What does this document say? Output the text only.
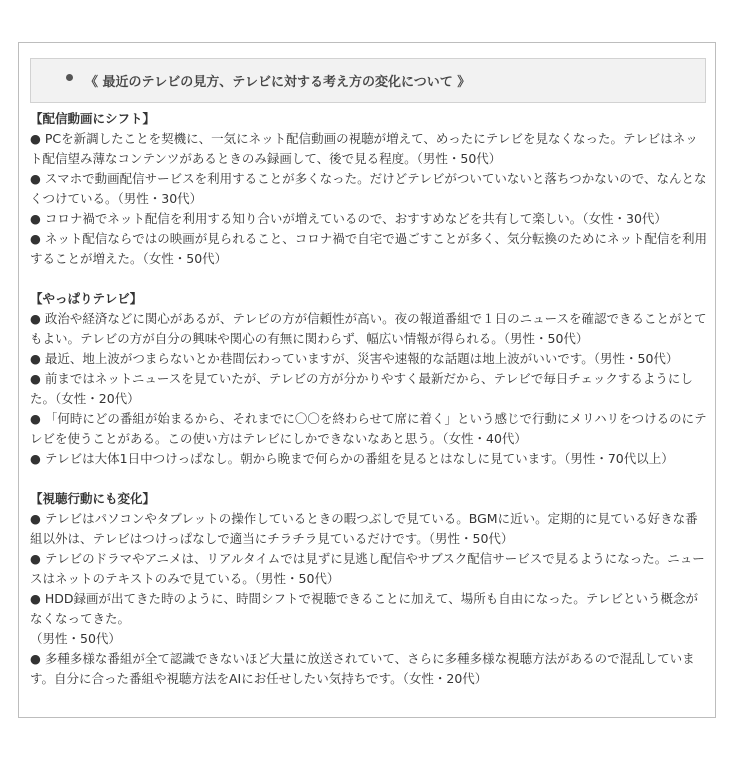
《 最近のテレビの見方、テレビに対する考え方の変化について 》
【配信動画にシフト】

● PCを新調したことを契機に、一気にネット配信動画の視聴が増えて、めったにテレビを見なくなった。テレビはネット配信望み薄なコンテンツがあるときのみ録画して、後で見る程度。（男性・50代）

● スマホで動画配信サービスを利用することが多くなった。だけどテレビがついていないと落ちつかないので、なんとなくつけている。（男性・30代）

● コロナ禍でネット配信を利用する知り合いが増えているので、おすすめなどを共有して楽しい。（女性・30代）

● ネット配信ならではの映画が見られること、コロナ禍で自宅で過ごすことが多く、気分転換のためにネット配信を利用することが増えた。（女性・50代）

【やっぱりテレビ】

● 政治や経済などに関心があるが、テレビの方が信頼性が高い。夜の報道番組で１日のニュースを確認できることがとてもよい。テレビの方が自分の興味や関心の有無に関わらず、幅広い情報が得られる。（男性・50代）

● 最近、地上波がつまらないとか巷間伝わっていますが、災害や速報的な話題は地上波がいいです。（男性・50代）

● 前まではネットニュースを見ていたが、テレビの方が分かりやすく最新だから、テレビで毎日チェックするようにした。（女性・20代）

● 「何時にどの番組が始まるから、それまでに〇〇を終わらせて席に着く」という感じで行動にメリハリをつけるのにテレビを使うことがある。この使い方はテレビにしかできないなあと思う。（女性・40代）

● テレビは大体1日中つけっぱなし。朝から晩まで何らかの番組を見るとはなしに見ています。（男性・70代以上）

【視聴行動にも変化】

● テレビはパソコンやタブレットの操作しているときの暇つぶしで見ている。BGMに近い。定期的に見ている好きな番組以外は、テレビはつけっぱなしで適当にチラチラ見ているだけです。（男性・50代）

● テレビのドラマやアニメは、リアルタイムでは見ずに見逃し配信やサブスク配信サービスで見るようになった。ニュースはネットのテキストのみで見ている。（男性・50代）

● HDD録画が出てきた時のように、時間シフトで視聴できることに加えて、場所も自由になった。テレビという概念がなくなってきた。

（男性・50代）

● 多種多様な番組が全て認識できないほど大量に放送されていて、さらに多種多様な視聴方法があるので混乱しています。自分に合った番組や視聴方法をAIにお任せしたい気持ちです。（女性・20代）
